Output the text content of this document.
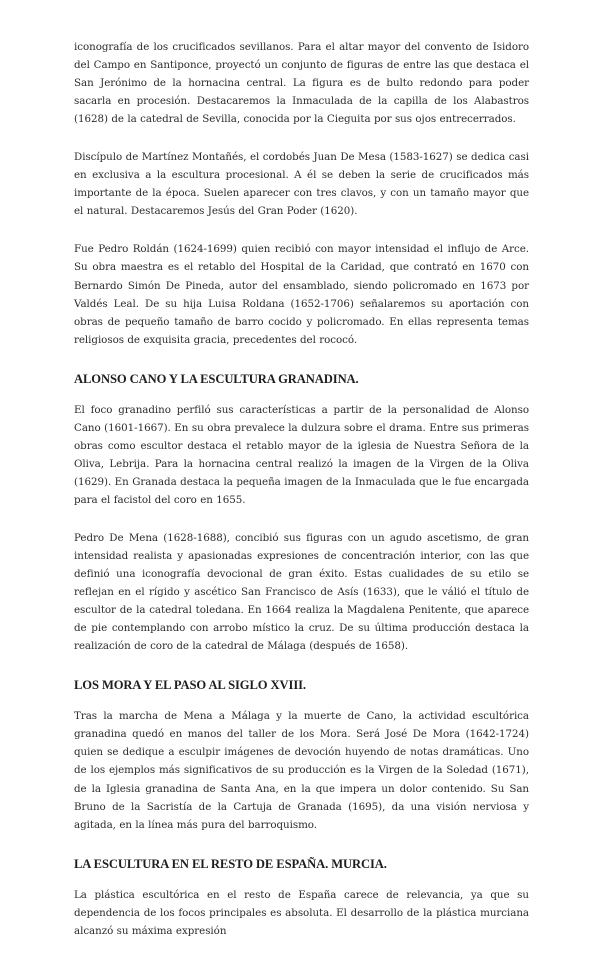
iconografía de los crucificados sevillanos. Para el altar mayor del convento de Isidoro del Campo en Santiponce, proyectó un conjunto de figuras de entre las que destaca el San Jerónimo de la hornacina central. La figura es de bulto redondo para poder sacarla en procesión. Destacaremos la Inmaculada de la capilla de los Alabastros (1628) de la catedral de Sevilla, conocida por la Cieguita por sus ojos entrecerrados.

Discípulo de Martínez Montañés, el cordobés Juan De Mesa (1583-1627) se dedica casi en exclusiva a la escultura procesional. A él se deben la serie de crucificados más importante de la época. Suelen aparecer con tres clavos, y con un tamaño mayor que el natural. Destacaremos Jesús del Gran Poder (1620).

Fue Pedro Roldán (1624-1699) quien recibió con mayor intensidad el influjo de Arce. Su obra maestra es el retablo del Hospital de la Caridad, que contrató en 1670 con Bernardo Simón De Pineda, autor del ensamblado, siendo policromado en 1673 por Valdés Leal. De su hija Luisa Roldana (1652-1706) señalaremos su aportación con obras de pequeño tamaño de barro cocido y policromado. En ellas representa temas religiosos de exquisita gracia, precedentes del rococó.

ALONSO CANO Y LA ESCULTURA GRANADINA.

El foco granadino perfiló sus características a partir de la personalidad de Alonso Cano (1601-1667). En su obra prevalece la dulzura sobre el drama. Entre sus primeras obras como escultor destaca el retablo mayor de la iglesia de Nuestra Señora de la Oliva, Lebrija. Para la hornacina central realizó la imagen de la Virgen de la Oliva (1629). En Granada destaca la pequeña imagen de la Inmaculada que le fue encargada para el facistol del coro en 1655.

Pedro De Mena (1628-1688), concibió sus figuras con un agudo ascetismo, de gran intensidad realista y apasionadas expresiones de concentración interior, con las que definió una iconografía devocional de gran éxito. Estas cualidades de su etilo se reflejan en el rígido y ascético San Francisco de Asís (1633), que le válió el título de escultor de la catedral toledana. En 1664 realiza la Magdalena Penitente, que aparece de pie contemplando con arrobo místico la cruz. De su última producción destaca la realización de coro de la catedral de Málaga (después de 1658).

LOS MORA Y EL PASO AL SIGLO XVIII.

Tras la marcha de Mena a Málaga y la muerte de Cano, la actividad escultórica granadina quedó en manos del taller de los Mora. Será José De Mora (1642-1724) quien se dedique a esculpir imágenes de devoción huyendo de notas dramáticas. Uno de los ejemplos más significativos de su producción es la Virgen de la Soledad (1671), de la Iglesia granadina de Santa Ana, en la que impera un dolor contenido. Su San Bruno de la Sacristía de la Cartuja de Granada (1695), da una visión nerviosa y agitada, en la línea más pura del barroquismo.

LA ESCULTURA EN EL RESTO DE ESPAÑA. MURCIA.

La plástica escultórica en el resto de España carece de relevancia, ya que su dependencia de los focos principales es absoluta. El desarrollo de la plástica murciana alcanzó su máxima expresión
